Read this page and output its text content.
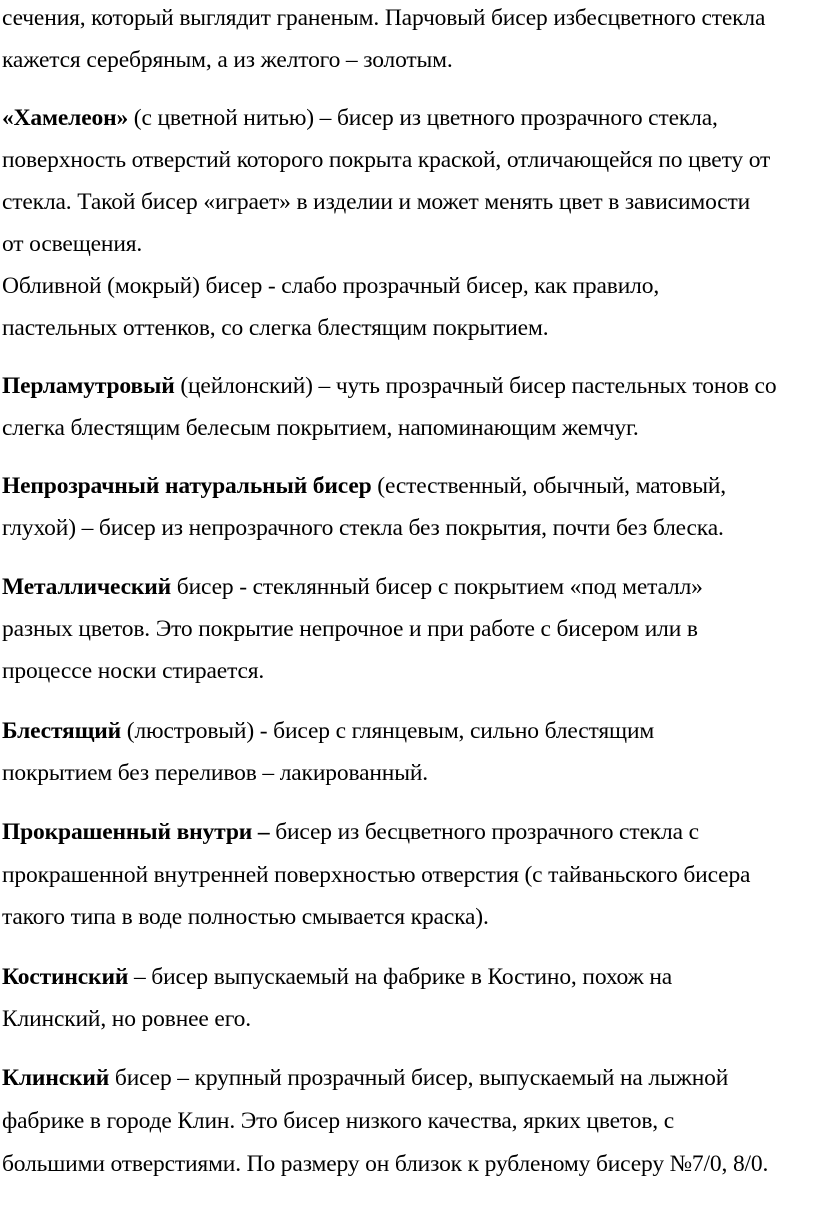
сечения, который выглядит граненым. Парчовый бисер изб​есцветного стекла
кажется серебряным, а из желтого – золотым.
«Хамелеон» (с цветной нитью) – бисер из цветного прозрачного стекла,
поверхность отверстий которого покрыта краской, отличающейся по цвету от
стекла. Такой бисер «играет» в изделии и может менять цвет в зависимости
от освещения.
Обливной (мокрый) бисер - слабо прозрачный бисер, как правило,
пастельных оттенков, со слегка блестящим покрытием.
Перламутровый (цейлонский) – чуть прозрачный бисер пастельных тонов со
слегка блестящим белесым покрытием, напоминающим жемчуг.
Непрозрачный натуральный бисер (естественный, обычный, матовый,
глухой) – бисер из непрозрачного стекла без покрытия, почти без блеска.
Металлический бисер - стеклянный бисер с покрытием «под металл»
разных цветов. Это покрытие непрочное и при работе с бисером или в
процессе носки стирается.
Блестящий (люстровый) - бисер с глянцевым, сильно блестящим
покрытием без переливов – лакированный.
Прокрашенный внутри – бисер из бесцветного прозрачного стекла с
прокрашенной внутренней поверхностью отверстия (с тайваньского бисера
такого типа в воде полностью смывается краска).
Костинский – бисер выпускаемый на фабрике в Костино, похож на
Клинский, но ровнее его.
Клинский бисер – крупный прозрачный бисер, выпускаемый на лыжной
фабрике в городе Клин. Это бисер низкого качества, ярких цветов, с
большими отверстиями. По размеру он близок к рубленому бисеру №7/0, 8/0.
